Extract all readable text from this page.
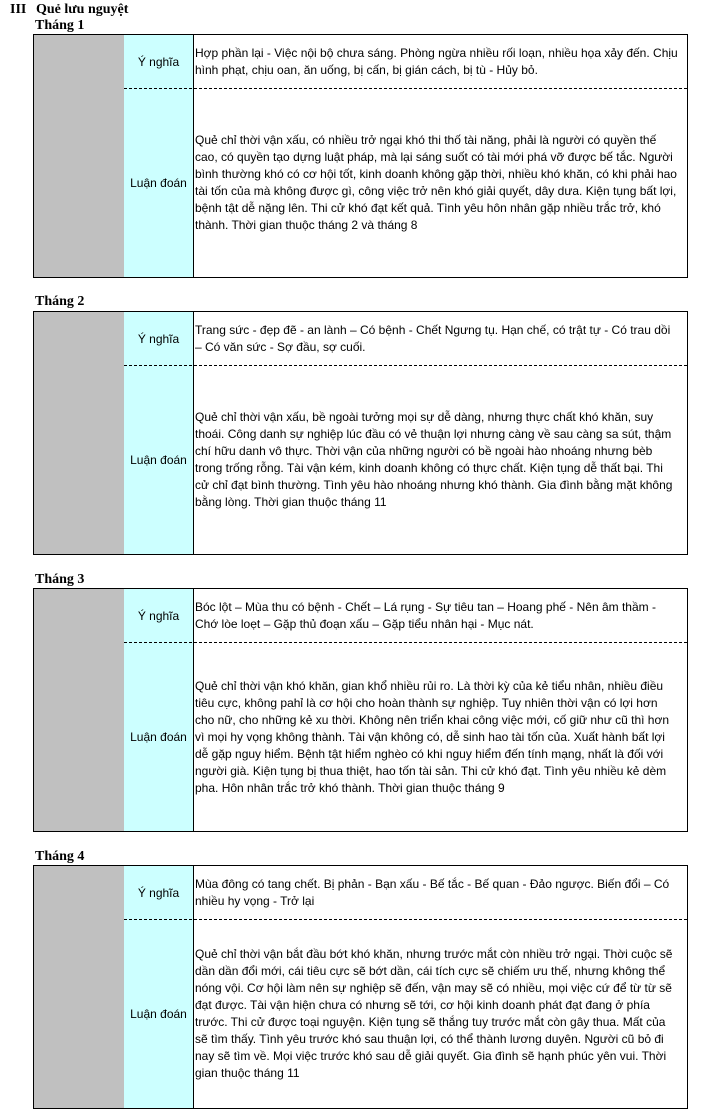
III Quẻ lưu nguyệt
Tháng 1
Ý nghĩa
Hợp phần lại - Việc nội bộ chưa sáng. Phòng ngừa nhiều rối loạn, nhiều họa xảy đến. Chịu hình phạt, chịu oan, ăn uống, bị cấn, bị gián cách, bị tù - Hủy bỏ.
Luận đoán
Quẻ chỉ thời vận xấu, có nhiều trở ngại khó thi thố tài năng, phải là người có quyền thế cao, có quyền tạo dựng luật pháp, mà lại sáng suốt có tài mới phá vỡ được bế tắc. Người bình thường khó có cơ hội tốt, kinh doanh không gặp thời, nhiều khó khăn, có khi phải hao tài tốn của mà không được gì, công việc trở nên khó giải quyết, dây dưa. Kiện tụng bất lợi, bệnh tật dễ nặng lên. Thi cử khó đạt kết quả. Tình yêu hôn nhân gặp nhiều trắc trở, khó thành. Thời gian thuộc tháng 2 và tháng 8
Tháng 2
Ý nghĩa
Trang sức - đẹp đẽ - an lành – Có bệnh - Chết Ngưng tụ. Hạn chế, có trật tự - Có trau dồi – Có văn sức - Sợ đầu, sợ cuối.
Luận đoán
Quẻ chỉ thời vận xấu, bề ngoài tưởng mọi sự dễ dàng, nhưng thực chất khó khăn, suy thoái. Công danh sự nghiệp lúc đầu có vẻ thuận lợi nhưng càng về sau càng sa sút, thậm chí hữu danh vô thực. Thời vận của những người có bề ngoài hào nhoáng nhưng bèb trong trống rỗng. Tài vận kém, kinh doanh không có thực chất. Kiện tụng dễ thất bại. Thi cử chỉ đạt bình thường. Tình yêu hào nhoáng nhưng khó thành. Gia đình bằng mặt không bằng lòng. Thời gian thuộc tháng 11
Tháng 3
Ý nghĩa
Bóc lột – Mùa thu có bệnh - Chết – Lá rụng - Sự tiêu tan – Hoang phế - Nên âm thầm - Chớ lòe loẹt – Gặp thủ đoạn xấu – Gặp tiểu nhân hại - Mục nát.
Luận đoán
Quẻ chỉ thời vận khó khăn, gian khổ nhiều rủi ro. Là thời kỳ của kẻ tiểu nhân, nhiều điều tiêu cực, không pahỉ là cơ hội cho hoàn thành sự nghiệp. Tuy nhiên thời vận có lợi hơn cho nữ, cho những kẻ xu thời. Không nên triển khai công việc mới, cố giữ như cũ thì hơn vì mọi hy vọng không thành. Tài vận không có, dễ sinh hao tài tốn của. Xuất hành bất lợi dễ gặp nguy hiểm. Bệnh tật hiểm nghèo có khi nguy hiểm đến tính mạng, nhất là đối với người già. Kiện tụng bị thua thiệt, hao tốn tài sản. Thi cử khó đạt. Tình yêu nhiều kẻ dèm pha. Hôn nhân trắc trở khó thành. Thời gian thuộc tháng 9
Tháng 4
Ý nghĩa
Mùa đông có tang chết. Bị phản - Bạn xấu - Bế tắc - Bế quan - Đảo ngược. Biến đổi – Có nhiều hy vọng - Trở lại
Luận đoán
Quẻ chỉ thời vận bắt đầu bớt khó khăn, nhưng trước mắt còn nhiều trở ngại. Thời cuộc sẽ dần dần đổi mới, cái tiêu cực sẽ bớt dần, cái tích cực sẽ chiếm ưu thế, nhưng không thể nóng vội. Cơ hội làm nên sự nghiệp sẽ đến, vận may sẽ có nhiều, mọi việc cứ để từ từ sẽ đạt được. Tài vận hiện chưa có nhưng sẽ tới, cơ hội kinh doanh phát đạt đang ở phía trước. Thi cử được toại nguyện. Kiện tụng sẽ thắng tuy trước mắt còn gây thua. Mất của sẽ tìm thấy. Tình yêu trước khó sau thuận lợi, có thể thành lương duyên. Người cũ bỏ đi nay sẽ tìm về. Mọi việc trước khó sau dễ giải quyết. Gia đình sẽ hạnh phúc yên vui. Thời gian thuộc tháng 11
